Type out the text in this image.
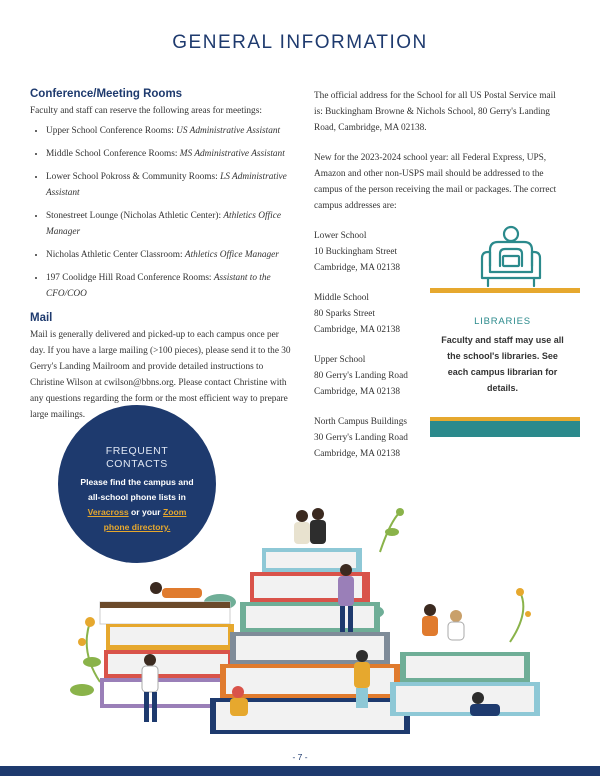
GENERAL INFORMATION
Conference/Meeting Rooms

Faculty and staff can reserve the following areas for meetings:

• Upper School Conference Rooms: US Administrative Assistant
• Middle School Conference Rooms: MS Administrative Assistant
• Lower School Pokross & Community Rooms: LS Administrative Assistant
• Stonestreet Lounge (Nicholas Athletic Center): Athletics Office Manager
• Nicholas Athletic Center Classroom: Athletics Office Manager
• 197 Coolidge Hill Road Conference Rooms: Assistant to the CFO/COO
Mail

Mail is generally delivered and picked-up to each campus once per day. If you have a large mailing (>100 pieces), please send it to the 30 Gerry's Landing Mailroom and provide detailed instructions to Christine Wilson at cwilson@bbns.org. Please contact Christine with any questions regarding the form or the most efficient way to prepare large mailings.

The official address for the School for all US Postal Service mail is: Buckingham Browne & Nichols School, 80 Gerry's Landing Road, Cambridge, MA 02138.

New for the 2023-2024 school year: all Federal Express, UPS, Amazon and other non-USPS mail should be addressed to the campus of the person receiving the mail or packages. The correct campus addresses are:

Lower School
10 Buckingham Street
Cambridge, MA 02138

Middle School
80 Sparks Street
Cambridge, MA 02138

Upper School
80 Gerry's Landing Road
Cambridge, MA 02138

North Campus Buildings
30 Gerry's Landing Road
Cambridge, MA 02138

LIBRARIES
Faculty and staff may use all the school's libraries. See each campus librarian for details.
FREQUENT
CONTACTS
Please find the campus and all-school phone lists in Veracross or your Zoom phone directory.
- 7 -
